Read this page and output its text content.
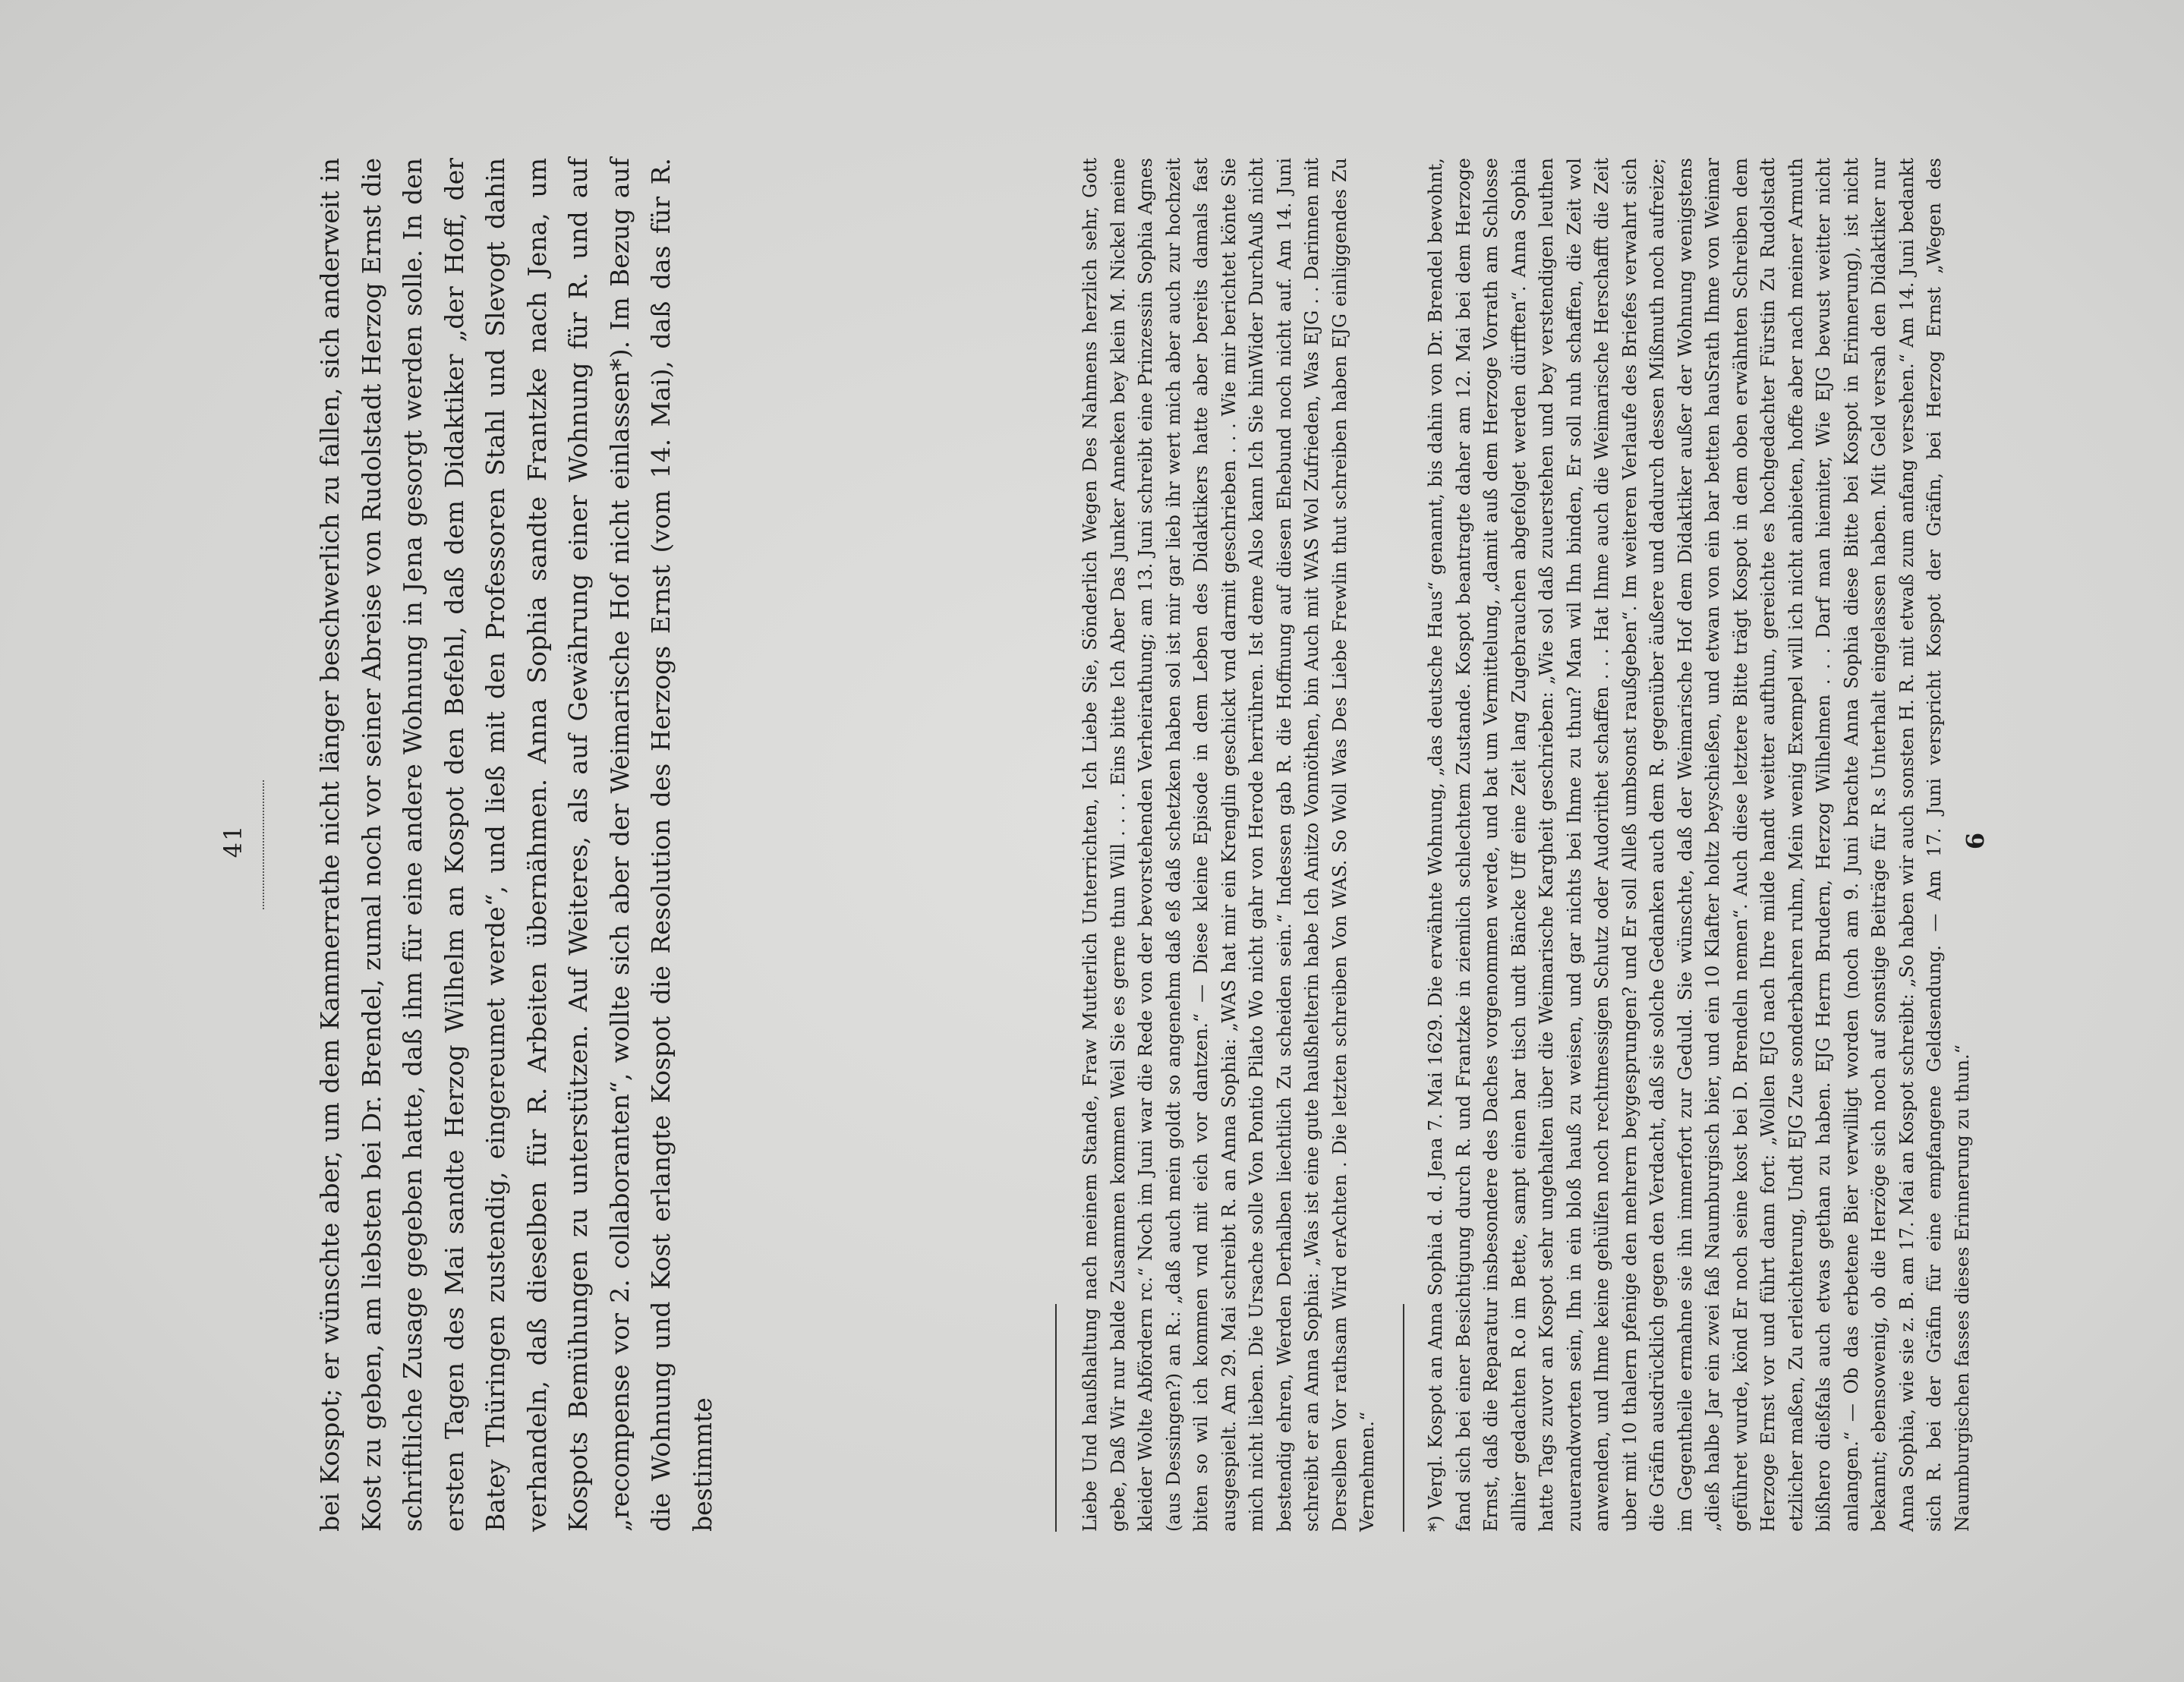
41	bei Kospot; er wünschte aber, um dem Kammerrathe nicht länger beschwerlich zu fallen, sich anderweit in Kost zu geben, am liebsten bei Dr. Brendel, zumal noch vor seiner Abreise von Rudolstadt Herzog Ernst die schriftliche Zusage gegeben hatte, daß ihm für eine andere Wohnung in Jena gesorgt werden solle. In den ersten Tagen des Mai sandte Herzog Wilhelm an Kospot den Befehl, daß dem Didaktiker „der Hoff, der Batey Thüringen zustendig, eingereumet werde“, und ließ mit den Professoren Stahl und Slevogt dahin verhandeln, daß dieselben für R. Arbeiten übernähmen. Anna Sophia sandte Frantzke nach Jena, um Kospots Bemühungen zu unterstützen. Auf Weiteres, als auf Gewährung einer Wohnung für R. und auf „recompense vor 2. collaboranten“, wollte sich aber der Weimarische Hof nicht einlassen*). Im Bezug auf die Wohnung und Kost erlangte Kospot die Resolution des Herzogs Ernst (vom 14. Mai), daß das für R. bestimmte	Liebe Und haußhaltung nach meinem Stande, Fraw Mutterlich Unterrichten, Ich Liebe Sie, Sönderlich Wegen Des Nahmens herzlich sehr, Gott gebe, Daß Wir nur balde Zusammen kommen Weil Sie es gerne thun Will . . . . Eins bitte Ich Aber Das Junker Anneken bey klein M. Nickel meine kleider Wolte Abfördern rc.“ Noch im Juni war die Rede von der bevorstehenden Verheirathung; am 13. Juni schreibt eine Prinzessin Sophia Agnes (aus Dessingen?) an R.: „daß auch mein goldt so angenehm daß eß daß schetzken haben sol ist mir gar lieb ihr wert mich aber auch zur hochzeit biten so wil ich kommen vnd mit eich vor dantzen.“ — Diese kleine Episode in dem Leben des Didaktikers hatte aber bereits damals fast ausgespielt. Am 29. Mai schreibt R. an Anna Sophia: „WAS hat mir ein Krenglin geschickt vnd darmit geschrieben . . . Wie mir berichtet könte Sie mich nicht lieben. Die Ursache solle Von Pontio Pilato Wo nicht gahr von Herode herrühren. Ist deme Also kann Ich Sie hinWider DurchAuß nicht bestendig ehren, Werden Derhalben liechtlich Zu scheiden sein.“ Indessen gab R. die Hoffnung auf diesen Ehebund noch nicht auf. Am 14. Juni schreibt er an Anna Sophia: „Was ist eine gute haußhelterin habe Ich Anitzo Vonnöthen, bin Auch mit WAS Wol Zufrieden, Was EJG . . Darinnen mit Derselben Vor rathsam Wird erAchten . Die letzten schreiben Von WAS. So Woll Was Des Liebe Frewlin thut schreiben haben EJG einliggendes Zu Vernehmen.“	*) Vergl. Kospot an Anna Sophia d. d. Jena 7. Mai 1629. Die erwähnte Wohnung, „das deutsche Haus“ genannt, bis dahin von Dr. Brendel bewohnt, fand sich bei einer Besichtigung durch R. und Frantzke in ziemlich schlechtem Zustande. Kospot beantragte daher am 12. Mai bei dem Herzoge Ernst, daß die Reparatur insbesondere des Daches vorgenommen werde, und bat um Vermittelung, „damit auß dem Herzoge Vorrath am Schlosse allhier gedachten R.o im Bette, sampt einen bar tisch undt Bäncke Uff eine Zeit lang Zugebrauchen abgefolget werden dürfften“. Anna Sophia hatte Tags zuvor an Kospot sehr ungehalten über die Weimarische Kargheit geschrieben: „Wie sol daß zuuerstehen und bey verstendigen leuthen zuuerandworten sein, Ihn in ein bloß hauß zu weisen, und gar nichts bei Ihme zu thun? Man wil Ihn binden, Er soll nuh schaffen, die Zeit wol anwenden, und Ihme keine gehülfen noch rechtmessigen Schutz oder Audorithet schaffen . . . Hat Ihme auch die Weimarische Herschafft die Zeit uber mit 10 thalern pfenige den mehrern beygesprungen? und Er soll Alleß umbsonst raußgeben“. Im weiteren Verlaufe des Briefes verwahrt sich die Gräfin ausdrücklich gegen den Verdacht, daß sie solche Gedanken auch dem R. gegenüber äußere und dadurch dessen Mißmuth noch aufreize; im Gegentheile ermahne sie ihn immerfort zur Geduld. Sie wünschte, daß der Weimarische Hof dem Didaktiker außer der Wohnung wenigstens „dieß halbe Jar ein zwei faß Naumburgisch bier, und ein 10 Klafter holtz beyschießen, und etwan von ein bar betten hauSrath Ihme von Weimar geführet wurde, könd Er noch seine kost bei D. Brendeln nemen“. Auch diese letztere Bitte trägt Kospot in dem oben erwähnten Schreiben dem Herzoge Ernst vor und führt dann fort: „Wollen EJG nach Ihre milde handt weitter aufthun, gereichte es hochgedachter Fürstin Zu Rudolstadt etzlicher maßen, Zu erleichterung, Undt EJG Zue sonderbahren ruhm, Mein wenig Exempel will ich nicht anbieten, hoffe aber nach meiner Armuth bißhero dießfals auch etwas gethan zu haben. EJG Herrn Brudern, Herzog Wilhelmen . . . Darf man hiemiter, Wie EJG bewust weitter nicht anlangen.“ — Ob das erbetene Bier verwilligt worden (noch am 9. Juni brachte Anna Sophia diese Bitte bei Kospot in Erinnerung), ist nicht bekannt; ebensowenig, ob die Herzöge sich noch auf sonstige Beiträge für R.s Unterhalt eingelassen haben. Mit Geld versah den Didaktiker nur Anna Sophia, wie sie z. B. am 17. Mai an Kospot schreibt: „So haben wir auch sonsten H. R. mit etwaß zum anfang versehen.“ Am 14. Juni bedankt sich R. bei der Gräfin für eine empfangene Geldsendung. — Am 17. Juni verspricht Kospot der Gräfin, bei Herzog Ernst „Wegen des Naumburgischen fasses dieses Erinnerung zu thun.“

6
